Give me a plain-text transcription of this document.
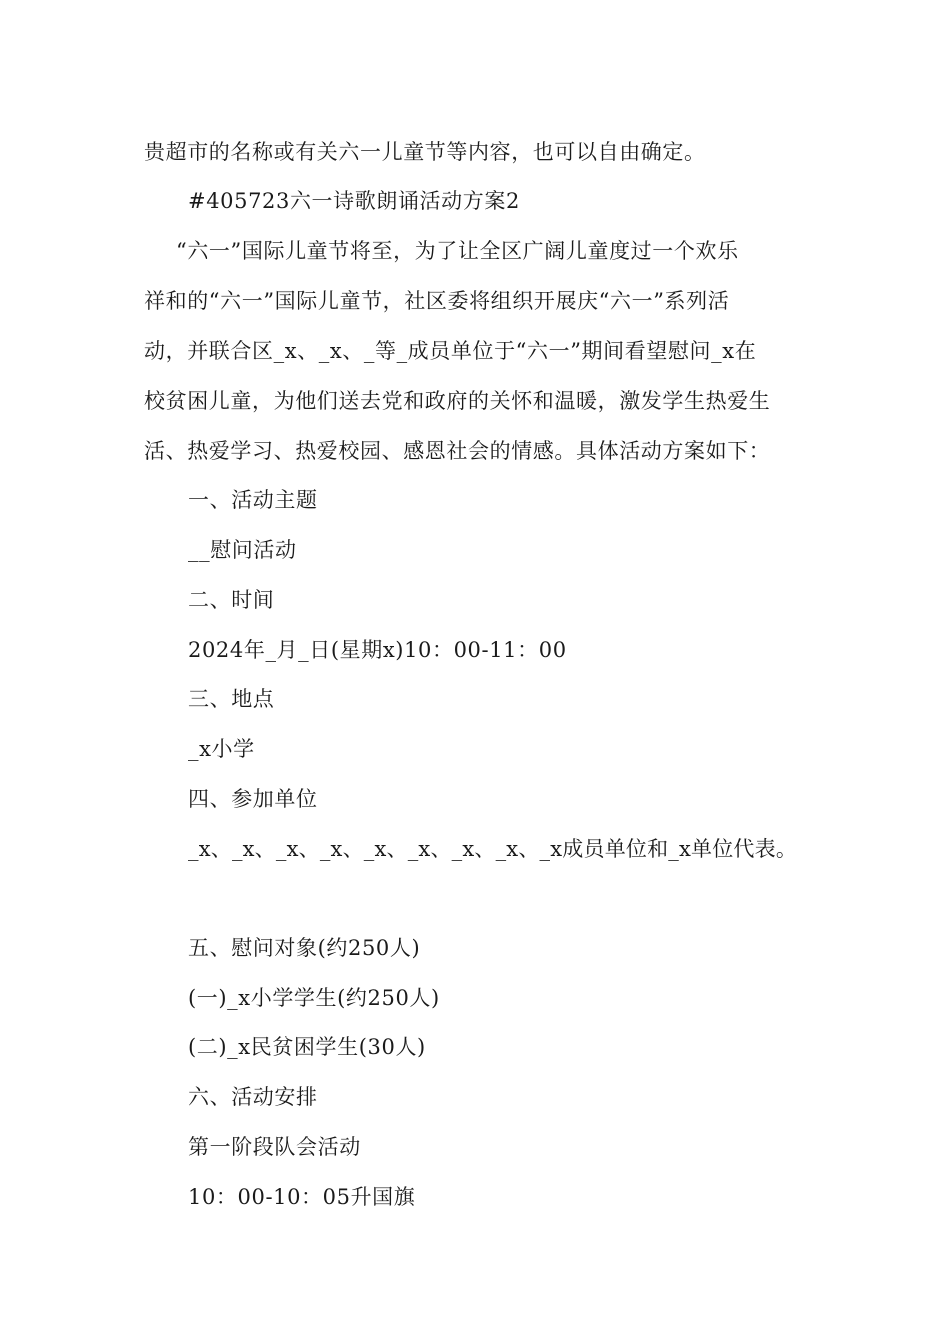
贵超市的名称或有关六一儿童节等内容，也可以自由确定。
#405723六一诗歌朗诵活动方案2
“六一”国际儿童节将至，为了让全区广阔儿童度过一个欢乐
祥和的“六一”国际儿童节，社区委将组织开展庆“六一”系列活
动，并联合区_x、_x、_等_成员单位于“六一”期间看望慰问_x在
校贫困儿童，为他们送去党和政府的关怀和温暖，激发学生热爱生
活、热爱学习、热爱校园、感恩社会的情感。具体活动方案如下：
一、活动主题
__慰问活动
二、时间
2024年_月_日(星期x)10：00-11：00
三、地点
_x小学
四、参加单位
_x、_x、_x、_x、_x、_x、_x、_x、_x成员单位和_x单位代表。
五、慰问对象(约250人)
(一)_x小学学生(约250人)
(二)_x民贫困学生(30人)
六、活动安排
第一阶段队会活动
10：00-10：05升国旗
